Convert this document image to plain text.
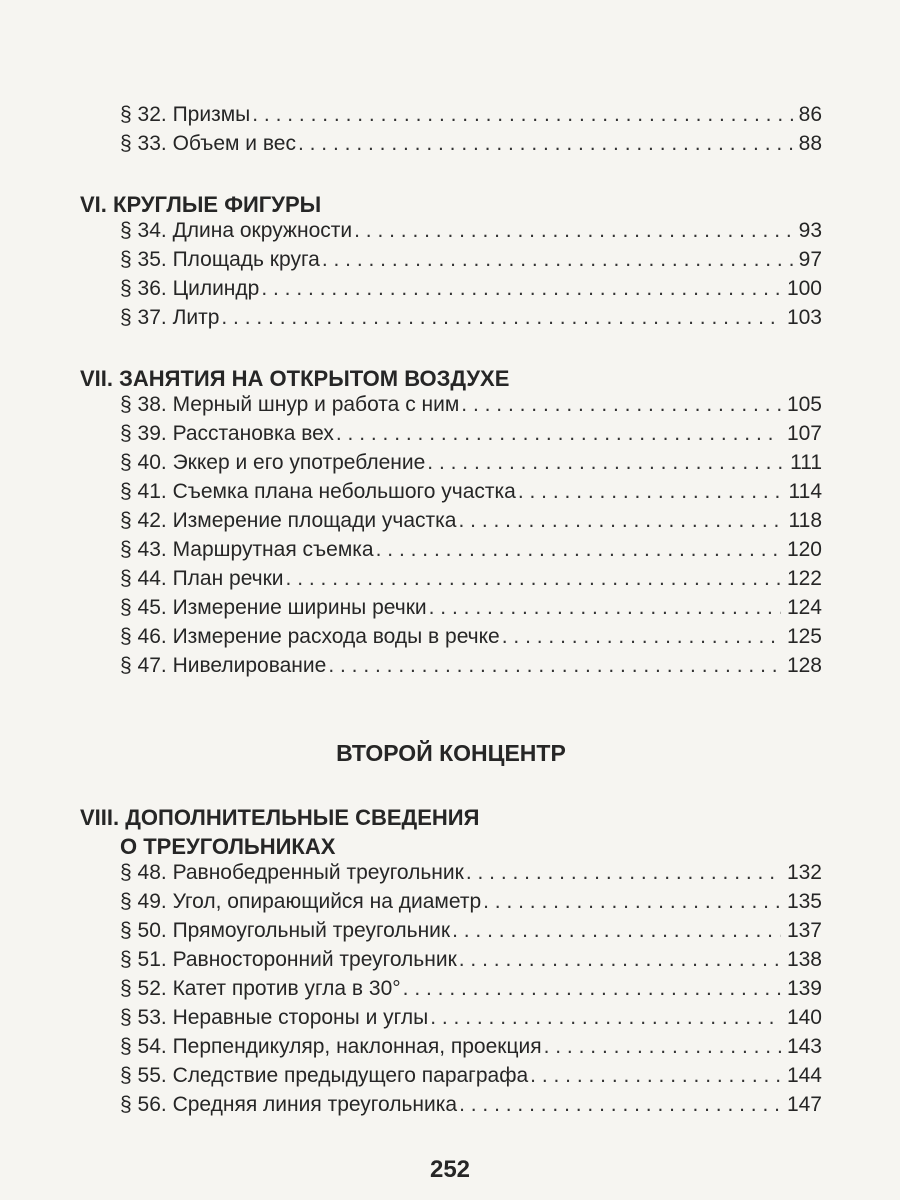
§ 32. Призмы . . .	86
§ 33. Объем и вес . . .	88
VI. КРУГЛЫЕ ФИГУРЫ
§ 34. Длина окружности . . .	93
§ 35. Площадь круга . . .	97
§ 36. Цилиндр . . .	100
§ 37. Литр . . .	103
VII. ЗАНЯТИЯ НА ОТКРЫТОМ ВОЗДУХЕ
§ 38. Мерный шнур и работа с ним . . .	105
§ 39. Расстановка вех . . .	107
§ 40. Эккер и его употребление . . .	111
§ 41. Съемка плана небольшого участка . . .	114
§ 42. Измерение площади участка . . .	118
§ 43. Маршрутная съемка . . .	120
§ 44. План речки . . .	122
§ 45. Измерение ширины речки . . .	124
§ 46. Измерение расхода воды в речке . . .	125
§ 47. Нивелирование . . .	128
ВТОРОЙ КОНЦЕНТР
VIII. ДОПОЛНИТЕЛЬНЫЕ СВЕДЕНИЯ
О ТРЕУГОЛЬНИКАХ
§ 48. Равнобедренный треугольник . . .	132
§ 49. Угол, опирающийся на диаметр . . .	135
§ 50. Прямоугольный треугольник . . .	137
§ 51. Равносторонний треугольник . . .	138
§ 52. Катет против угла в 30° . . .	139
§ 53. Неравные стороны и углы . . .	140
§ 54. Перпендикуляр, наклонная, проекция . . .	143
§ 55. Следствие предыдущего параграфа . . .	144
§ 56. Средняя линия треугольника . . .	147
252
